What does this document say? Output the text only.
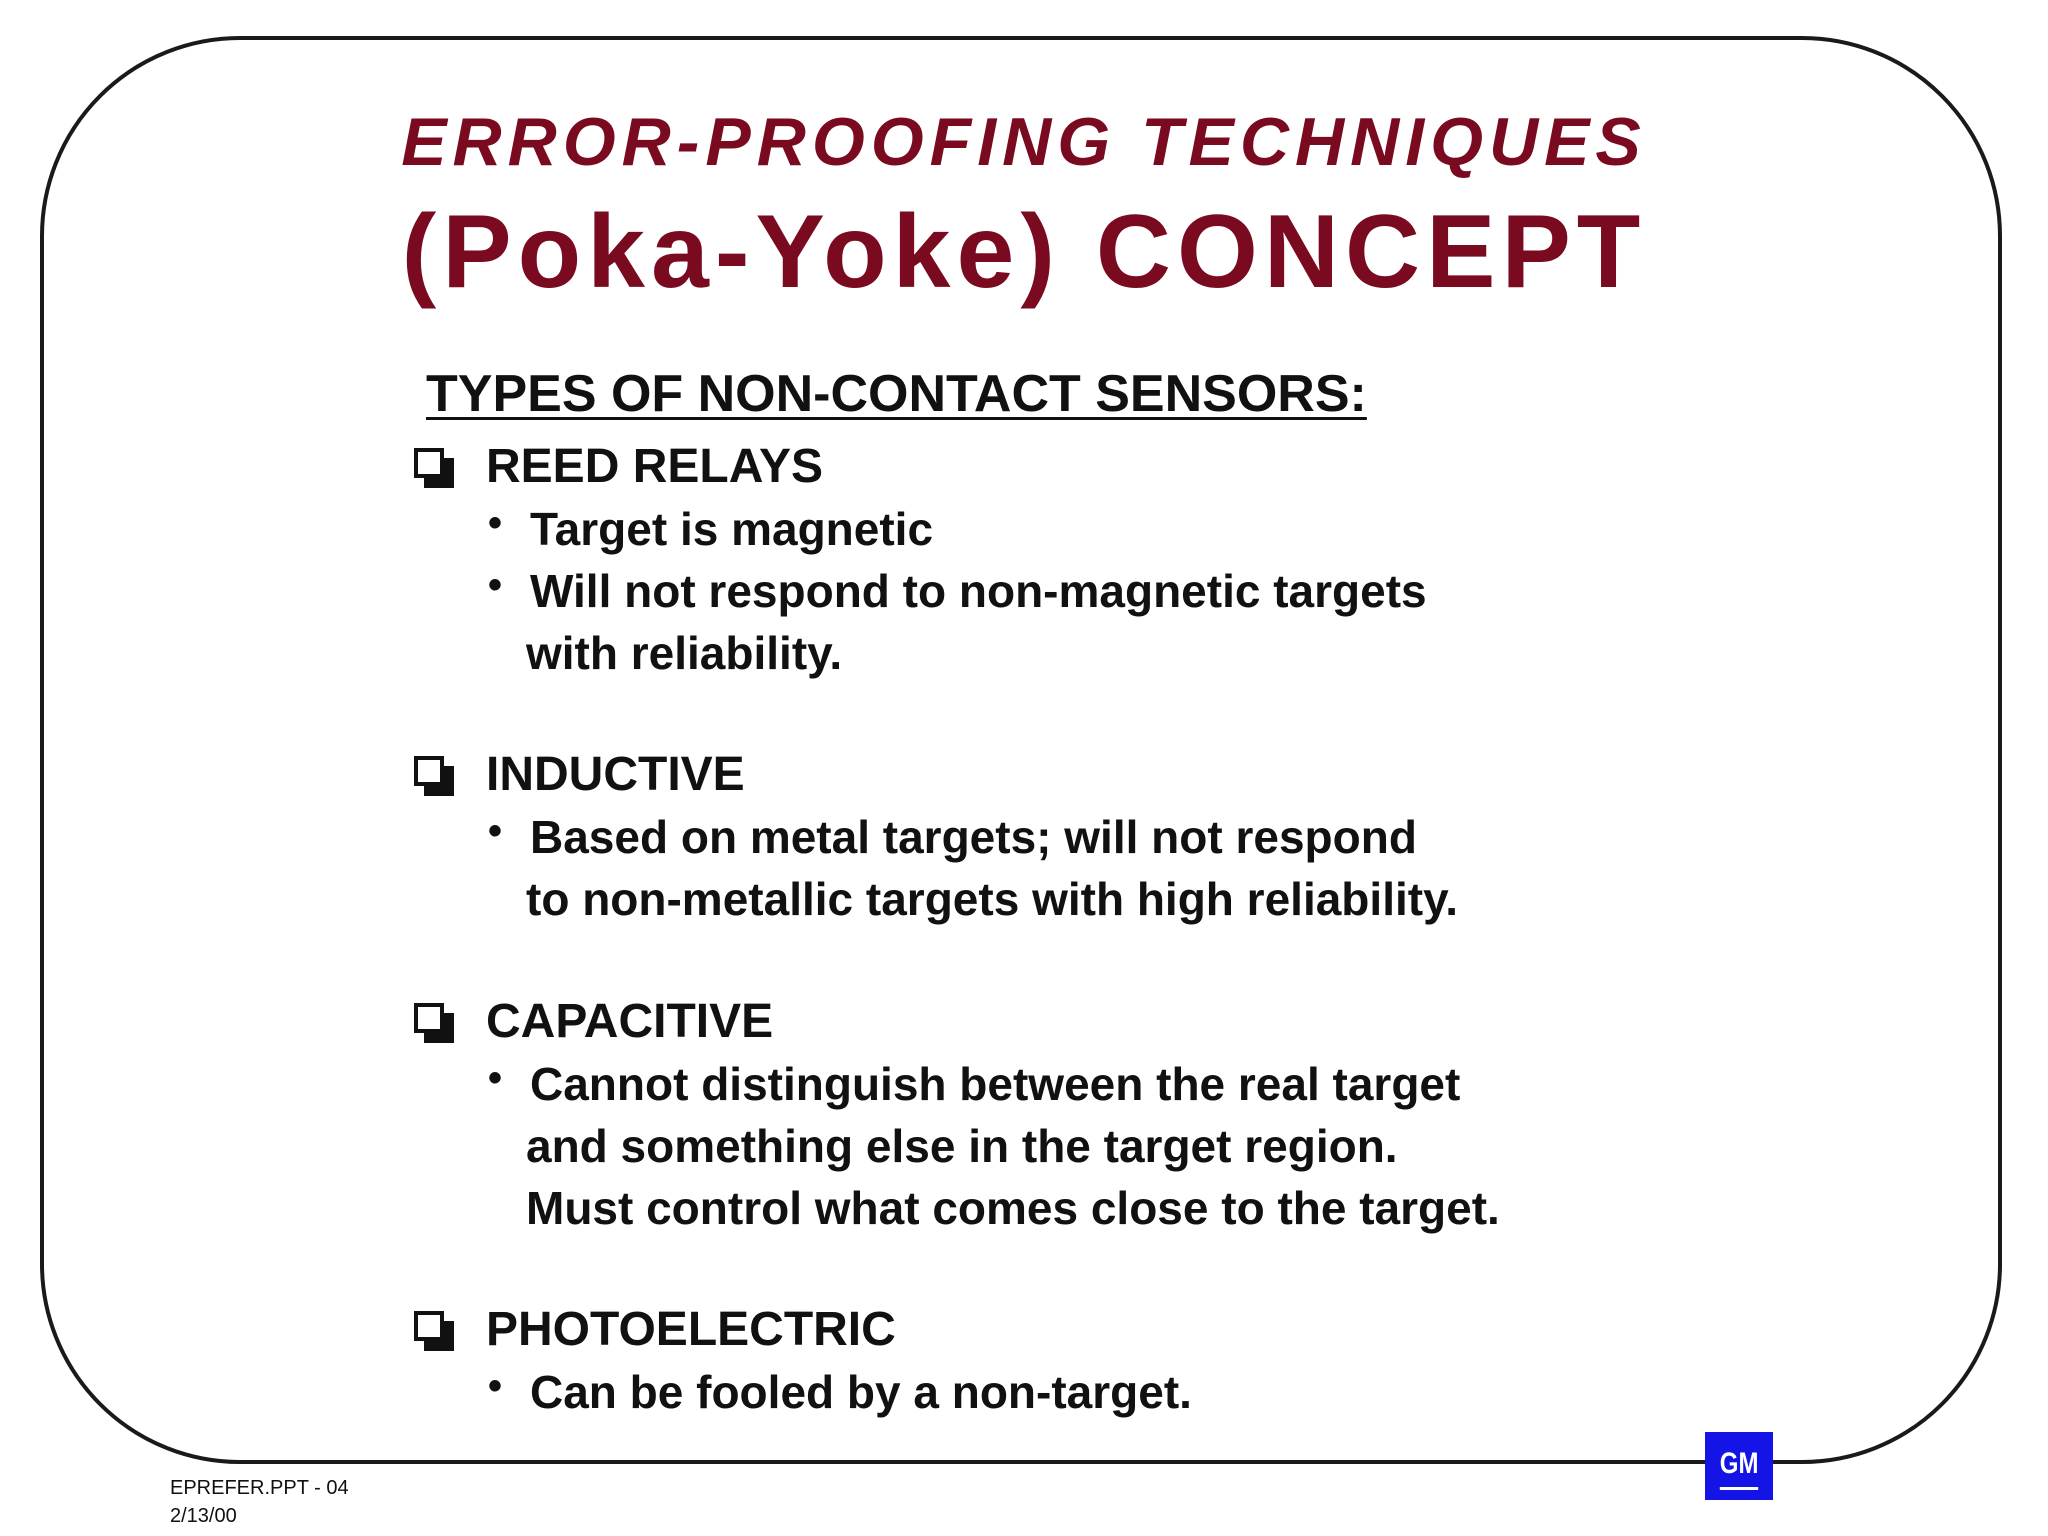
ERROR-PROOFING TECHNIQUES
(Poka-Yoke) CONCEPT
TYPES OF NON-CONTACT SENSORS:
REED RELAYS
• Target is magnetic
• Will not respond to non-magnetic targets
with reliability.
INDUCTIVE
• Based on metal targets; will not respond
to non-metallic targets with high reliability.
CAPACITIVE
• Cannot distinguish between the real target
and something else in the target region.
Must control what comes close to the target.
PHOTOELECTRIC
• Can be fooled by a non-target.
EPREFER.PPT - 04
2/13/00
GM
